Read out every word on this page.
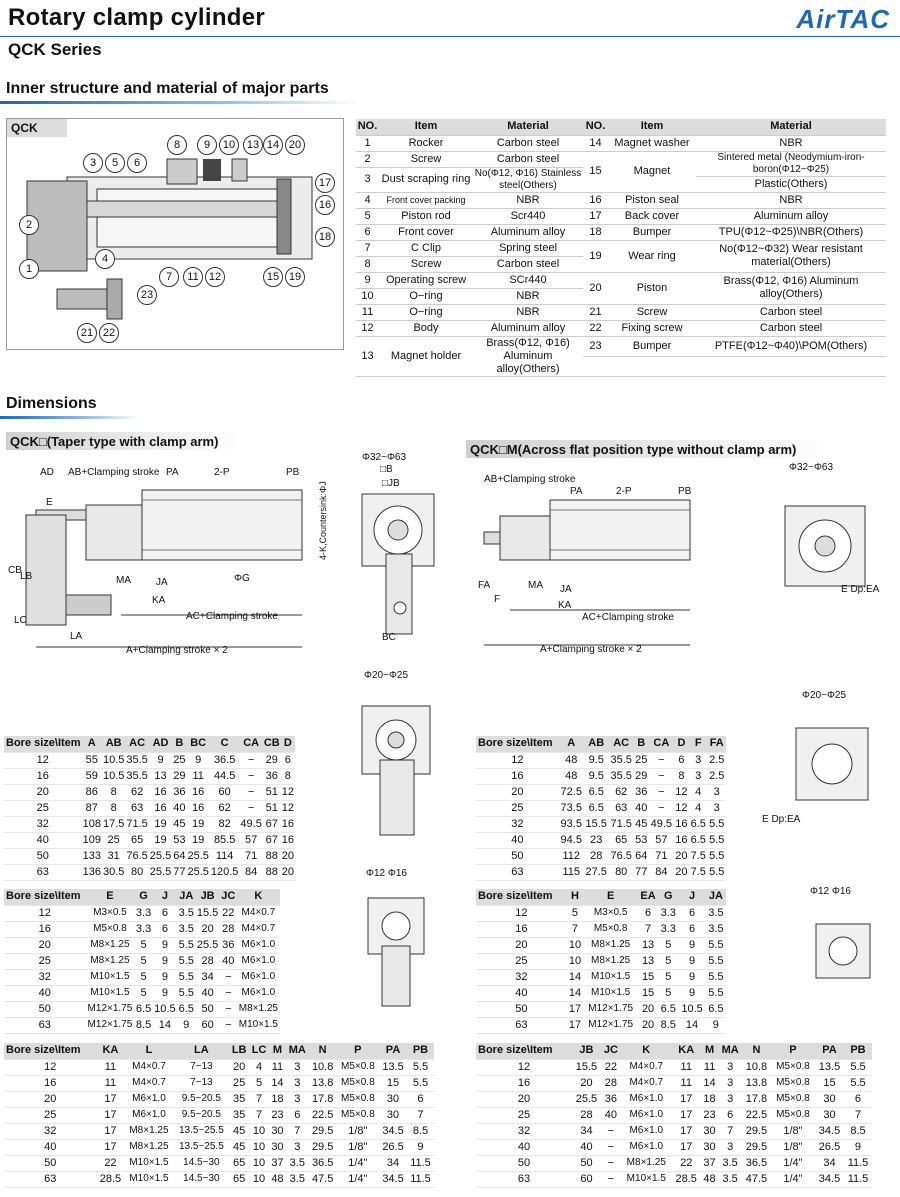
Rotary clamp cylinder
QCK Series
AirTAC
Inner structure and material of major parts
QCK
1
2
3	5	6
4
8	9	10	13 14 20
17
16
18
7	11 12	15 19
21 22
23
NO.	Item	Material	NO.	Item	Material
1	Rocker	Carbon steel	14	Magnet washer	NBR
2	Screw	Carbon steel	15	Magnet	Sintered metal (Neodymium-iron-boron(Φ12~Φ25)
3	Dust scraping ring	No(Φ12, Φ16) Stainless steel(Others)			
					Plastic(Others)
4	Front cover packing	NBR	16	Piston seal	NBR
5	Piston rod	Scr440	17	Back cover	Aluminum alloy
6	Front cover	Aluminum alloy	18	Bumper	TPU(Φ12~Φ25)\NBR(Others)
7	C Clip	Spring steel	19	Wear ring	No(Φ12~Φ32) Wear resistant material(Others)
8	Screw	Carbon steel			
9	Operating screw	SCr440	20	Piston	Brass(Φ12, Φ16) Aluminum alloy(Others)
10	O−ring	NBR			
11	O−ring	NBR	21	Screw	Carbon steel
12	Body	Aluminum alloy	22	Fixing screw	Carbon steel
13	Magnet holder	Brass(Φ12, Φ16) Aluminum alloy(Others)	23	Bumper	PTFE(Φ12~Φ40)\POM(Others)

Dimensions
QCK□(Taper type with clamp arm)
QCK□M(Across flat position type without clamp arm)
AD AB+Clamping stroke PA	2-P	PB
E
CB
LB	MA	JA	ΦG
KA
LC
LA
AC+Clamping stroke
A+Clamping stroke × 2
Φ32~Φ63
□B
□JB
BC
4-K,Countersink:ΦJ
Φ20~Φ25
Φ12 Φ16
AB+Clamping stroke
PA	2-P	PB
FA
F
MA JA
KA
AC+Clamping stroke
A+Clamping stroke × 2
Φ32~Φ63
E Dp:EA
Φ20~Φ25
E Dp:EA
Φ12 Φ16
Bore size\Item	A	AB	AC	AD	B	BC	C	CA	CB	D
12	55	10.5	35.5	9	25	9	36.5	−	29	6
16	59	10.5	35.5	13	29	11	44.5	−	36	8
20	86	8	62	16	36	16	60	−	51	12
25	87	8	63	16	40	16	62	−	51	12
32	108	17.5	71.5	19	45	19	82	49.5	67	16
40	109	25	65	19	53	19	85.5	57	67	16
50	133	31	76.5	25.5	64	25.5	114	71	88	20
63	136	30.5	80	25.5	77	25.5	120.5	84	88	20
Bore size\Item	E	G	J	JA	JB	JC	K
12	M3×0.5	3.3	6	3.5	15.5	22	M4×0.7
16	M5×0.8	3.3	6	3.5	20	28	M4×0.7
20	M8×1.25	5	9	5.5	25.5	36	M6×1.0
25	M8×1.25	5	9	5.5	28	40	M6×1.0
32	M10×1.5	5	9	5.5	34	−	M6×1.0
40	M10×1.5	5	9	5.5	40	−	M6×1.0
50	M12×1.75	6.5	10.5	6.5	50	−	M8×1.25
63	M12×1.75	8.5	14	9	60	−	M10×1.5
Bore size\Item	KA	L	LA	LB	LC	M	MA	N	P	PA	PB
12	11	M4×0.7	7~13	20	4	11	3	10.8	M5×0.8	13.5	5.5
16	11	M4×0.7	7~13	25	5	14	3	13.8	M5×0.8	15	5.5
20	17	M6×1.0	9.5~20.5	35	7	18	3	17.8	M5×0.8	30	6
25	17	M6×1.0	9.5~20.5	35	7	23	6	22.5	M5×0.8	30	7
32	17	M8×1.25	13.5~25.5	45	10	30	7	29.5	1/8"	34.5	8.5
40	17	M8×1.25	13.5~25.5	45	10	30	3	29.5	1/8"	26.5	9
50	22	M10×1.5	14.5~30	65	10	37	3.5	36.5	1/4"	34	11.5
63	28.5	M10×1.5	14.5~30	65	10	48	3.5	47.5	1/4"	34.5	11.5
Bore size\Item	A	AB	AC	B	CA	D	F	FA
12	48	9.5	35.5	25	−	6	3	2.5
16	48	9.5	35.5	29	−	8	3	2.5
20	72.5	6.5	62	36	−	12	4	3
25	73.5	6.5	63	40	−	12	4	3
32	93.5	15.5	71.5	45	49.5	16	6.5	5.5
40	94.5	23	65	53	57	16	6.5	5.5
50	112	28	76.5	64	71	20	7.5	5.5
63	115	27.5	80	77	84	20	7.5	5.5
Bore size\Item	H	E	EA	G	J	JA
12	5	M3×0.5	6	3.3	6	3.5
16	7	M5×0.8	7	3.3	6	3.5
20	10	M8×1.25	13	5	9	5.5
25	10	M8×1.25	13	5	9	5.5
32	14	M10×1.5	15	5	9	5.5
40	14	M10×1.5	15	5	9	5.5
50	17	M12×1.75	20	6.5	10.5	6.5
63	17	M12×1.75	20	8.5	14	9
Bore size\Item	JB	JC	K	KA	M	MA	N	P	PA	PB
12	15.5	22	M4×0.7	11	11	3	10.8	M5×0.8	13.5	5.5
16	20	28	M4×0.7	11	14	3	13.8	M5×0.8	15	5.5
20	25.5	36	M6×1.0	17	18	3	17.8	M5×0.8	30	6
25	28	40	M6×1.0	17	23	6	22.5	M5×0.8	30	7
32	34	−	M6×1.0	17	30	7	29.5	1/8"	34.5	8.5
40	40	−	M6×1.0	17	30	3	29.5	1/8"	26.5	9
50	50	−	M8×1.25	22	37	3.5	36.5	1/4"	34	11.5
63	60	−	M10×1.5	28.5	48	3.5	47.5	1/4"	34.5	11.5
